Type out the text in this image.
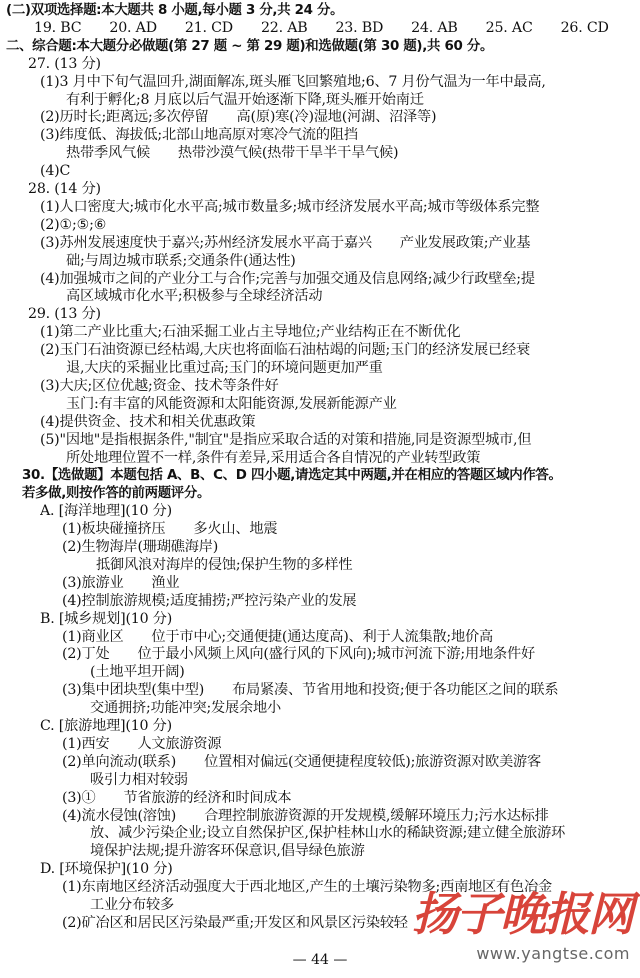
(二)双项选择题:本大题共 8 小题,每小题 3 分,共 24 分。
19. BC　　20. AD　　21. CD　　22. AB　　23. BD　　24. AB　　25. AC　　26. CD
二、综合题:本大题分必做题(第 27 题 ~ 第 29 题)和选做题(第 30 题),共 60 分。
27. (13 分)
(1)3 月中下旬气温回升,湖面解冻,斑头雁飞回繁殖地;6、7 月份气温为一年中最高,
有利于孵化;8 月底以后气温开始逐渐下降,斑头雁开始南迁
(2)历时长;距离远;多次停留　　高(原)寒(冷)湿地(河湖、沼泽等)
(3)纬度低、海拔低;北部山地高原对寒冷气流的阻挡
热带季风气候　　热带沙漠气候(热带干旱半干旱气候)
(4)C
28. (14 分)
(1)人口密度大;城市化水平高;城市数量多;城市经济发展水平高;城市等级体系完整
(2)①;⑤;⑥
(3)苏州发展速度快于嘉兴;苏州经济发展水平高于嘉兴　　产业发展政策;产业基
础;与周边城市联系;交通条件(通达性)
(4)加强城市之间的产业分工与合作;完善与加强交通及信息网络;减少行政壁垒;提
高区域城市化水平;积极参与全球经济活动
29. (13 分)
(1)第二产业比重大;石油采掘工业占主导地位;产业结构正在不断优化
(2)玉门石油资源已经枯竭,大庆也将面临石油枯竭的问题;玉门的经济发展已经衰
退,大庆的采掘业比重过高;玉门的环境问题更加严重
(3)大庆;区位优越;资金、技术等条件好
玉门:有丰富的风能资源和太阳能资源,发展新能源产业
(4)提供资金、技术和相关优惠政策
(5)"因地"是指根据条件,"制宜"是指应采取合适的对策和措施,同是资源型城市,但
所处地理位置不一样,条件有差异,采用适合各自情况的产业转型政策
30.【选做题】本题包括 A、B、C、D 四小题,请选定其中两题,并在相应的答题区域内作答。
若多做,则按作答的前两题评分。
A. [海洋地理](10 分)
(1)板块碰撞挤压　　多火山、地震
(2)生物海岸(珊瑚礁海岸)
抵御风浪对海岸的侵蚀;保护生物的多样性
(3)旅游业　　渔业
(4)控制旅游规模;适度捕捞;严控污染产业的发展
B. [城乡规划](10 分)
(1)商业区　　位于市中心;交通便捷(通达度高)、利于人流集散;地价高
(2)丁处　　位于最小风频上风向(盛行风的下风向);城市河流下游;用地条件好
(土地平坦开阔)
(3)集中团块型(集中型)　　布局紧凑、节省用地和投资;便于各功能区之间的联系
交通拥挤;功能冲突;发展余地小
C. [旅游地理](10 分)
(1)西安　　人文旅游资源
(2)单向流动(联系)　　位置相对偏远(交通便捷程度较低);旅游资源对欧美游客
吸引力相对较弱
(3)①　　节省旅游的经济和时间成本
(4)流水侵蚀(溶蚀)　　合理控制旅游资源的开发规模,缓解环境压力;污水达标排
放、减少污染企业;设立自然保护区,保护桂林山水的稀缺资源;建立健全旅游环
境保护法规;提升游客环保意识,倡导绿色旅游
D. [环境保护](10 分)
(1)东南地区经济活动强度大于西北地区,产生的土壤污染物多;西南地区有色冶金
工业分布较多
(2)矿冶区和居民区污染最严重;开发区和风景区污染较轻 扬子晚报网
www.yangtse.com
— 44 —
